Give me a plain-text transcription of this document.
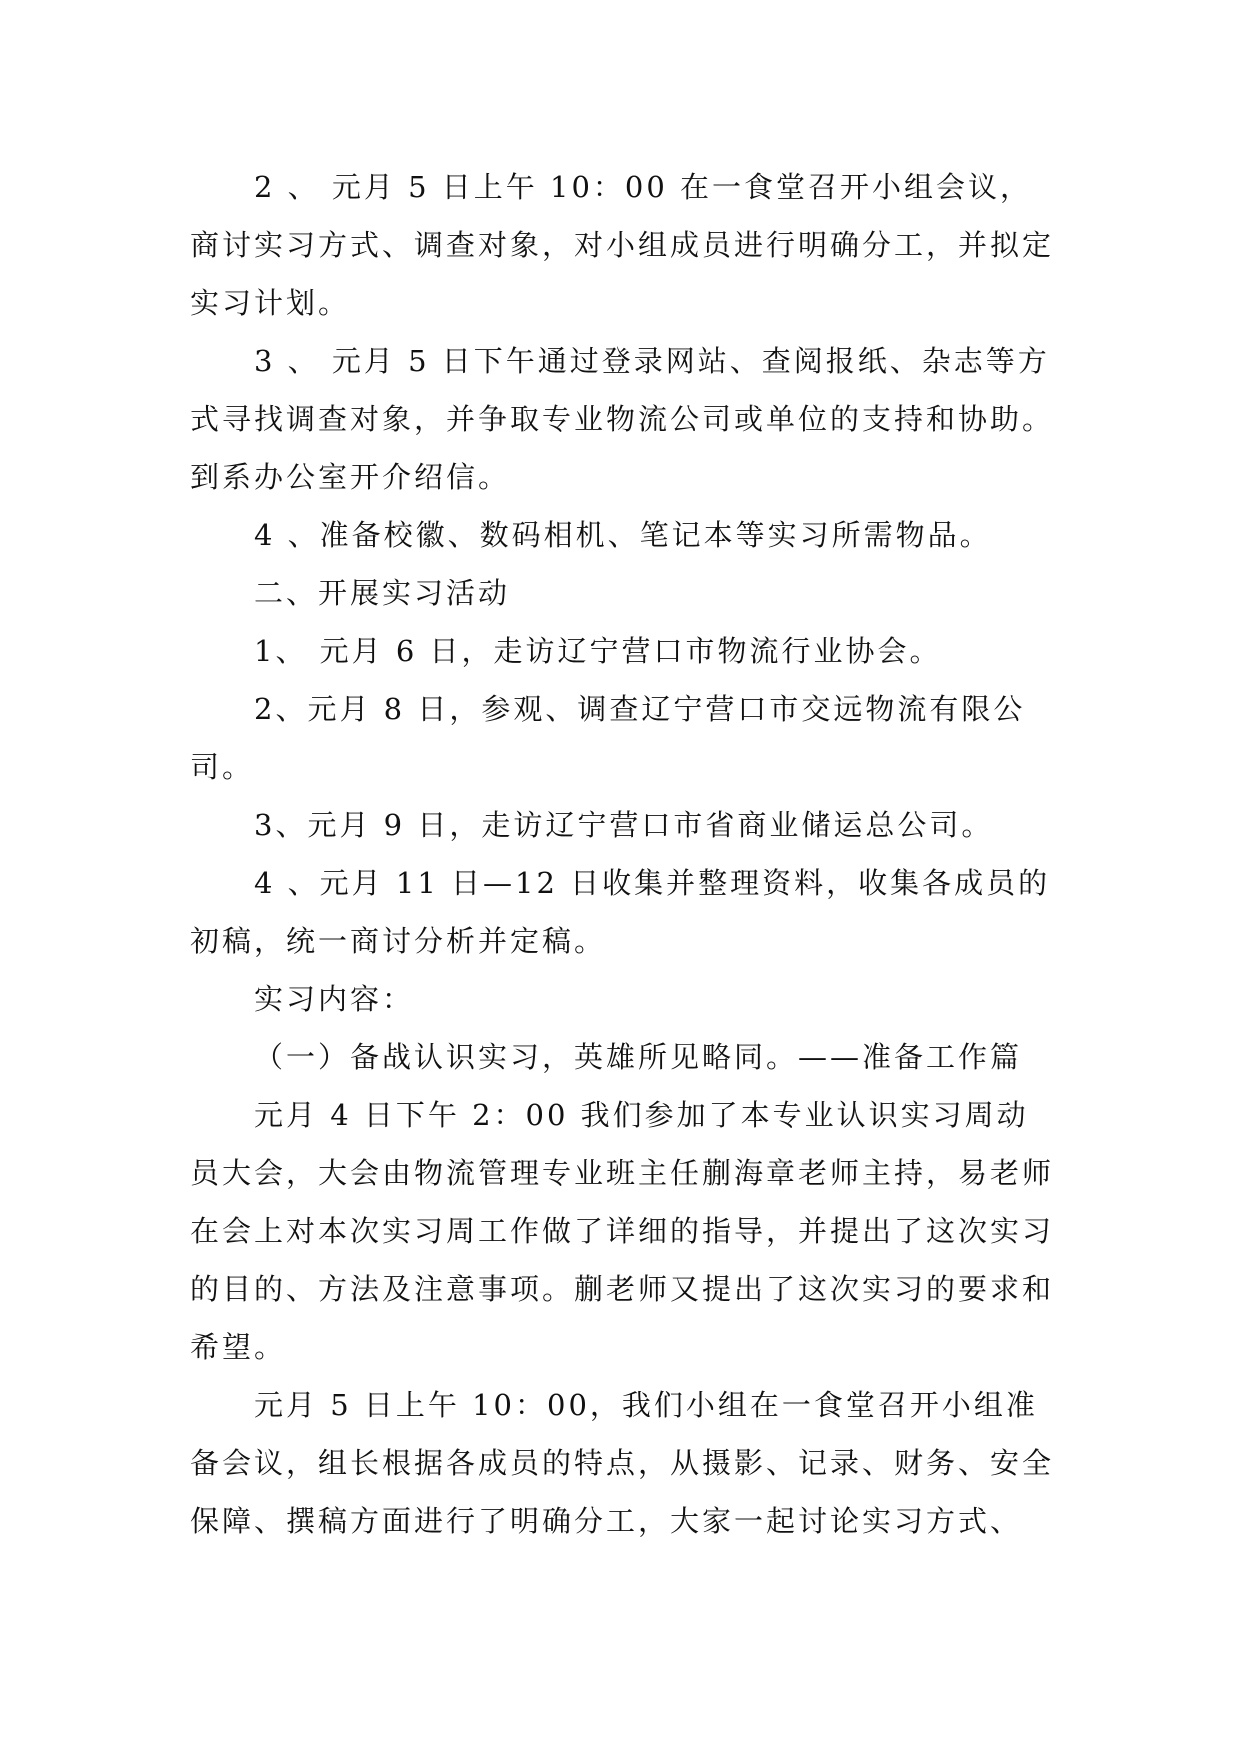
2 、 元月 5 日上午 10：00 在一食堂召开小组会议，商讨实习方式、调查对象，对小组成员进行明确分工，并拟定实习计划。

3 、 元月 5 日下午通过登录网站、查阅报纸、杂志等方式寻找调查对象，并争取专业物流公司或单位的支持和协助。到系办公室开介绍信。

4 、准备校徽、数码相机、笔记本等实习所需物品。

二、开展实习活动

1、 元月 6 日，走访辽宁营口市物流行业协会。

2、元月 8 日，参观、调查辽宁营口市交远物流有限公司。

3、元月 9 日，走访辽宁营口市省商业储运总公司。

4 、元月 11 日—12 日收集并整理资料，收集各成员的初稿，统一商讨分析并定稿。

实习内容：

（一）备战认识实习，英雄所见略同。——准备工作篇

元月 4 日下午 2：00 我们参加了本专业认识实习周动员大会，大会由物流管理专业班主任蒯海章老师主持，易老师在会上对本次实习周工作做了详细的指导，并提出了这次实习的目的、方法及注意事项。蒯老师又提出了这次实习的要求和希望。

元月 5 日上午 10：00，我们小组在一食堂召开小组准备会议，组长根据各成员的特点，从摄影、记录、财务、安全保障、撰稿方面进行了明确分工，大家一起讨论实习方式、
